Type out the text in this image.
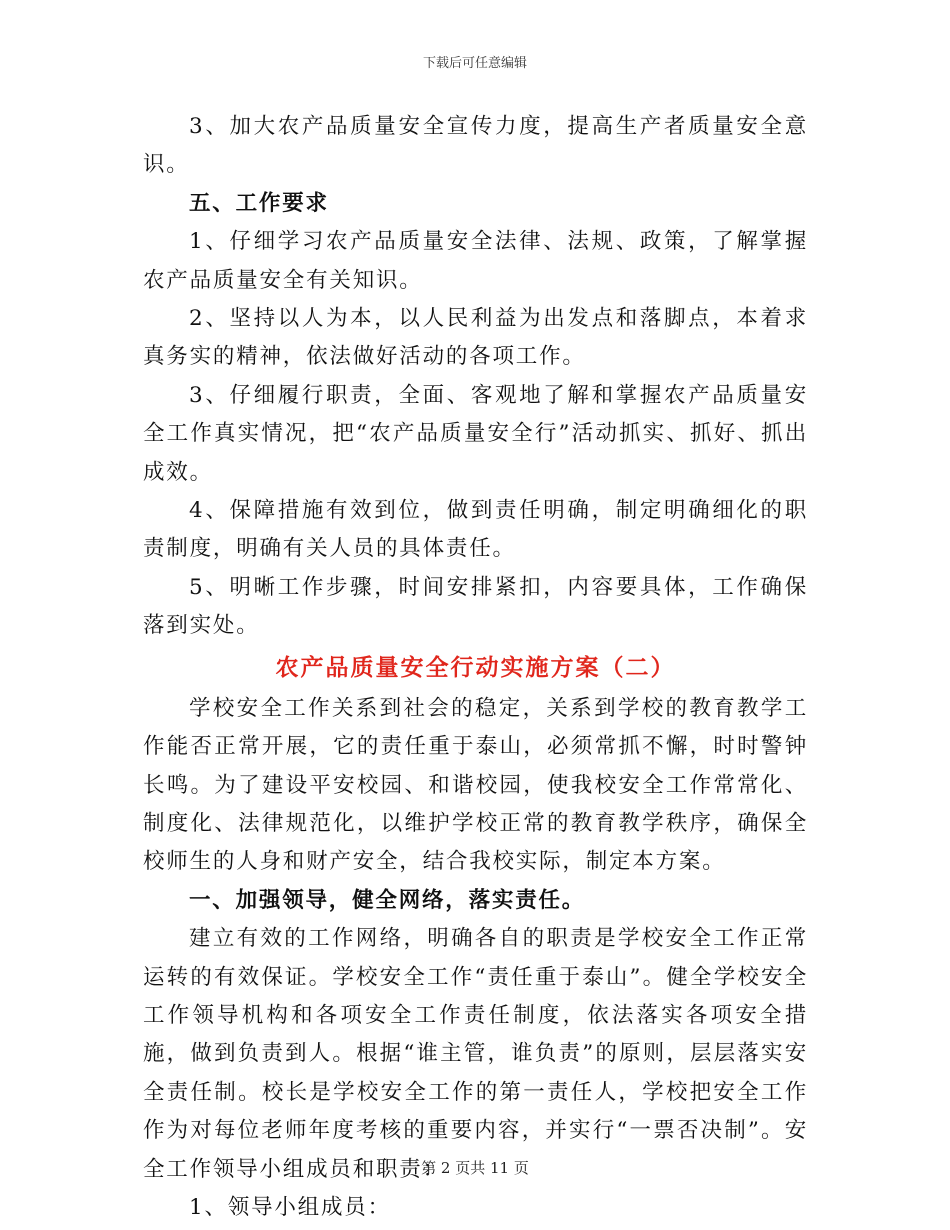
下载后可任意编辑

3、加大农产品质量安全宣传力度，提高生产者质量安全意识。

五、工作要求

1、仔细学习农产品质量安全法律、法规、政策，了解掌握农产品质量安全有关知识。

2、坚持以人为本，以人民利益为出发点和落脚点，本着求真务实的精神，依法做好活动的各项工作。

3、仔细履行职责，全面、客观地了解和掌握农产品质量安全工作真实情况，把“农产品质量安全行”活动抓实、抓好、抓出成效。

4、保障措施有效到位，做到责任明确，制定明确细化的职责制度，明确有关人员的具体责任。

5、明晰工作步骤，时间安排紧扣，内容要具体，工作确保落到实处。

农产品质量安全行动实施方案（二）

学校安全工作关系到社会的稳定，关系到学校的教育教学工作能否正常开展，它的责任重于泰山，必须常抓不懈，时时警钟长鸣。为了建设平安校园、和谐校园，使我校安全工作常常化、制度化、法律规范化，以维护学校正常的教育教学秩序，确保全校师生的人身和财产安全，结合我校实际，制定本方案。

一、加强领导，健全网络，落实责任。

建立有效的工作网络，明确各自的职责是学校安全工作正常运转的有效保证。学校安全工作“责任重于泰山”。健全学校安全工作领导机构和各项安全工作责任制度，依法落实各项安全措施，做到负责到人。根据“谁主管，谁负责”的原则，层层落实安全责任制。校长是学校安全工作的第一责任人，学校把安全工作作为对每位老师年度考核的重要内容，并实行“一票否决制”。安全工作领导小组成员和职责：

1、领导小组成员：

第 2 页共 11 页
